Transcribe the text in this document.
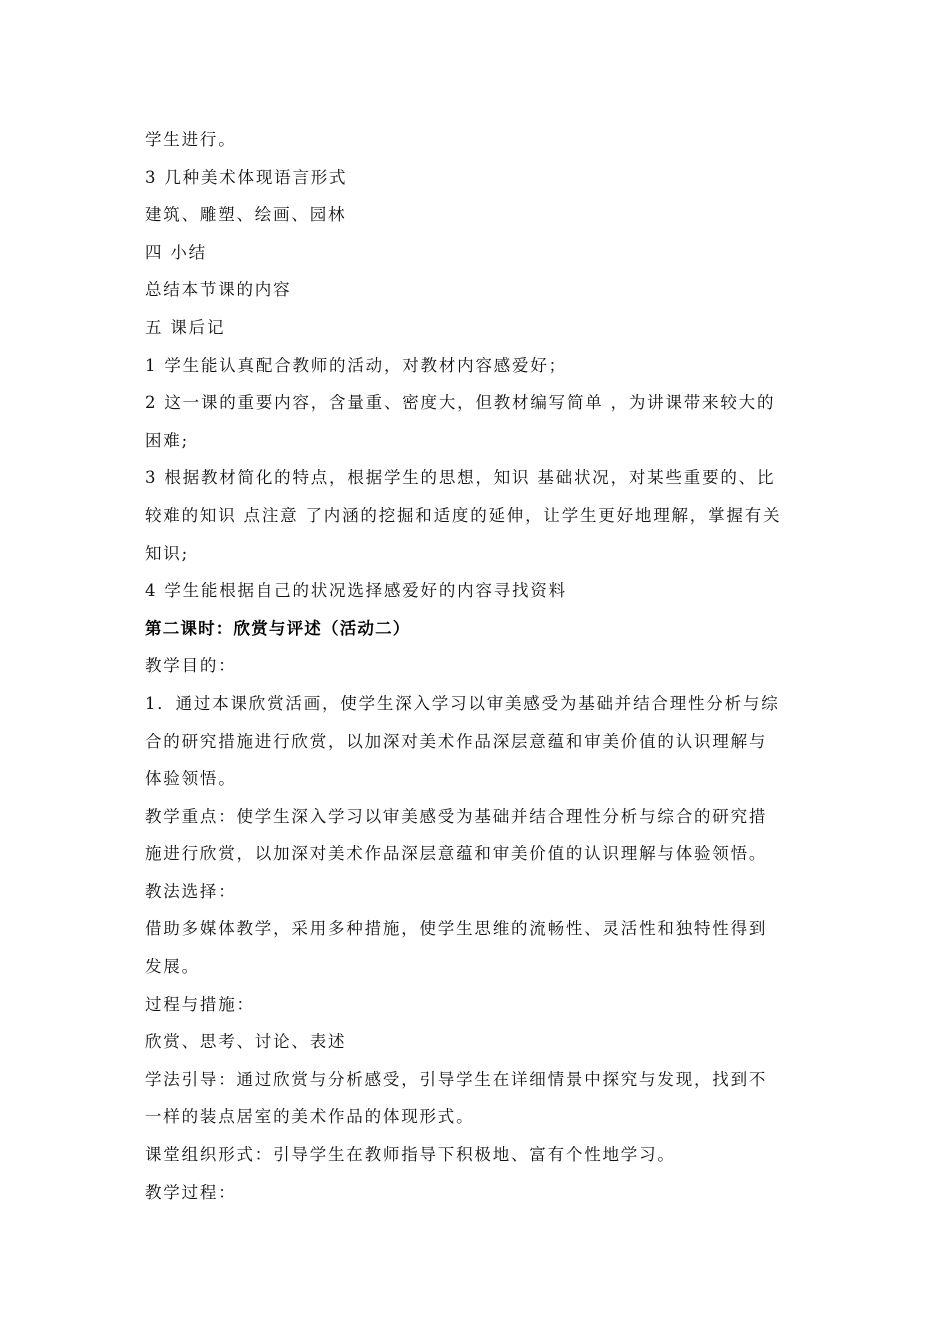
学生进行。
3 几种美术体现语言形式
建筑、雕塑、绘画、园林
四 小结
总结本节课的内容
五 课后记
1 学生能认真配合教师的活动，对教材内容感爱好；
2 这一课的重要内容，含量重、密度大，但教材编写简单 ，为讲课带来较大的
困难;
3 根据教材简化的特点，根据学生的思想，知识 基础状况，对某些重要的、比
较难的知识 点注意 了内涵的挖掘和适度的延伸，让学生更好地理解，掌握有关
知识;
4 学生能根据自己的状况选择感爱好的内容寻找资料
第二课时：欣赏与评述（活动二）
教学目的：
1．通过本课欣赏活画，使学生深入学习以审美感受为基础并结合理性分析与综
合的研究措施进行欣赏，以加深对美术作品深层意蕴和审美价值的认识理解与
体验领悟。
教学重点：使学生深入学习以审美感受为基础并结合理性分析与综合的研究措
施进行欣赏，以加深对美术作品深层意蕴和审美价值的认识理解与体验领悟。
教法选择：
借助多媒体教学，采用多种措施，使学生思维的流畅性、灵活性和独特性得到
发展。
过程与措施：
欣赏、思考、讨论、表述
学法引导：通过欣赏与分析感受，引导学生在详细情景中探究与发现，找到不
一样的装点居室的美术作品的体现形式。
课堂组织形式：引导学生在教师指导下积极地、富有个性地学习。
教学过程：
